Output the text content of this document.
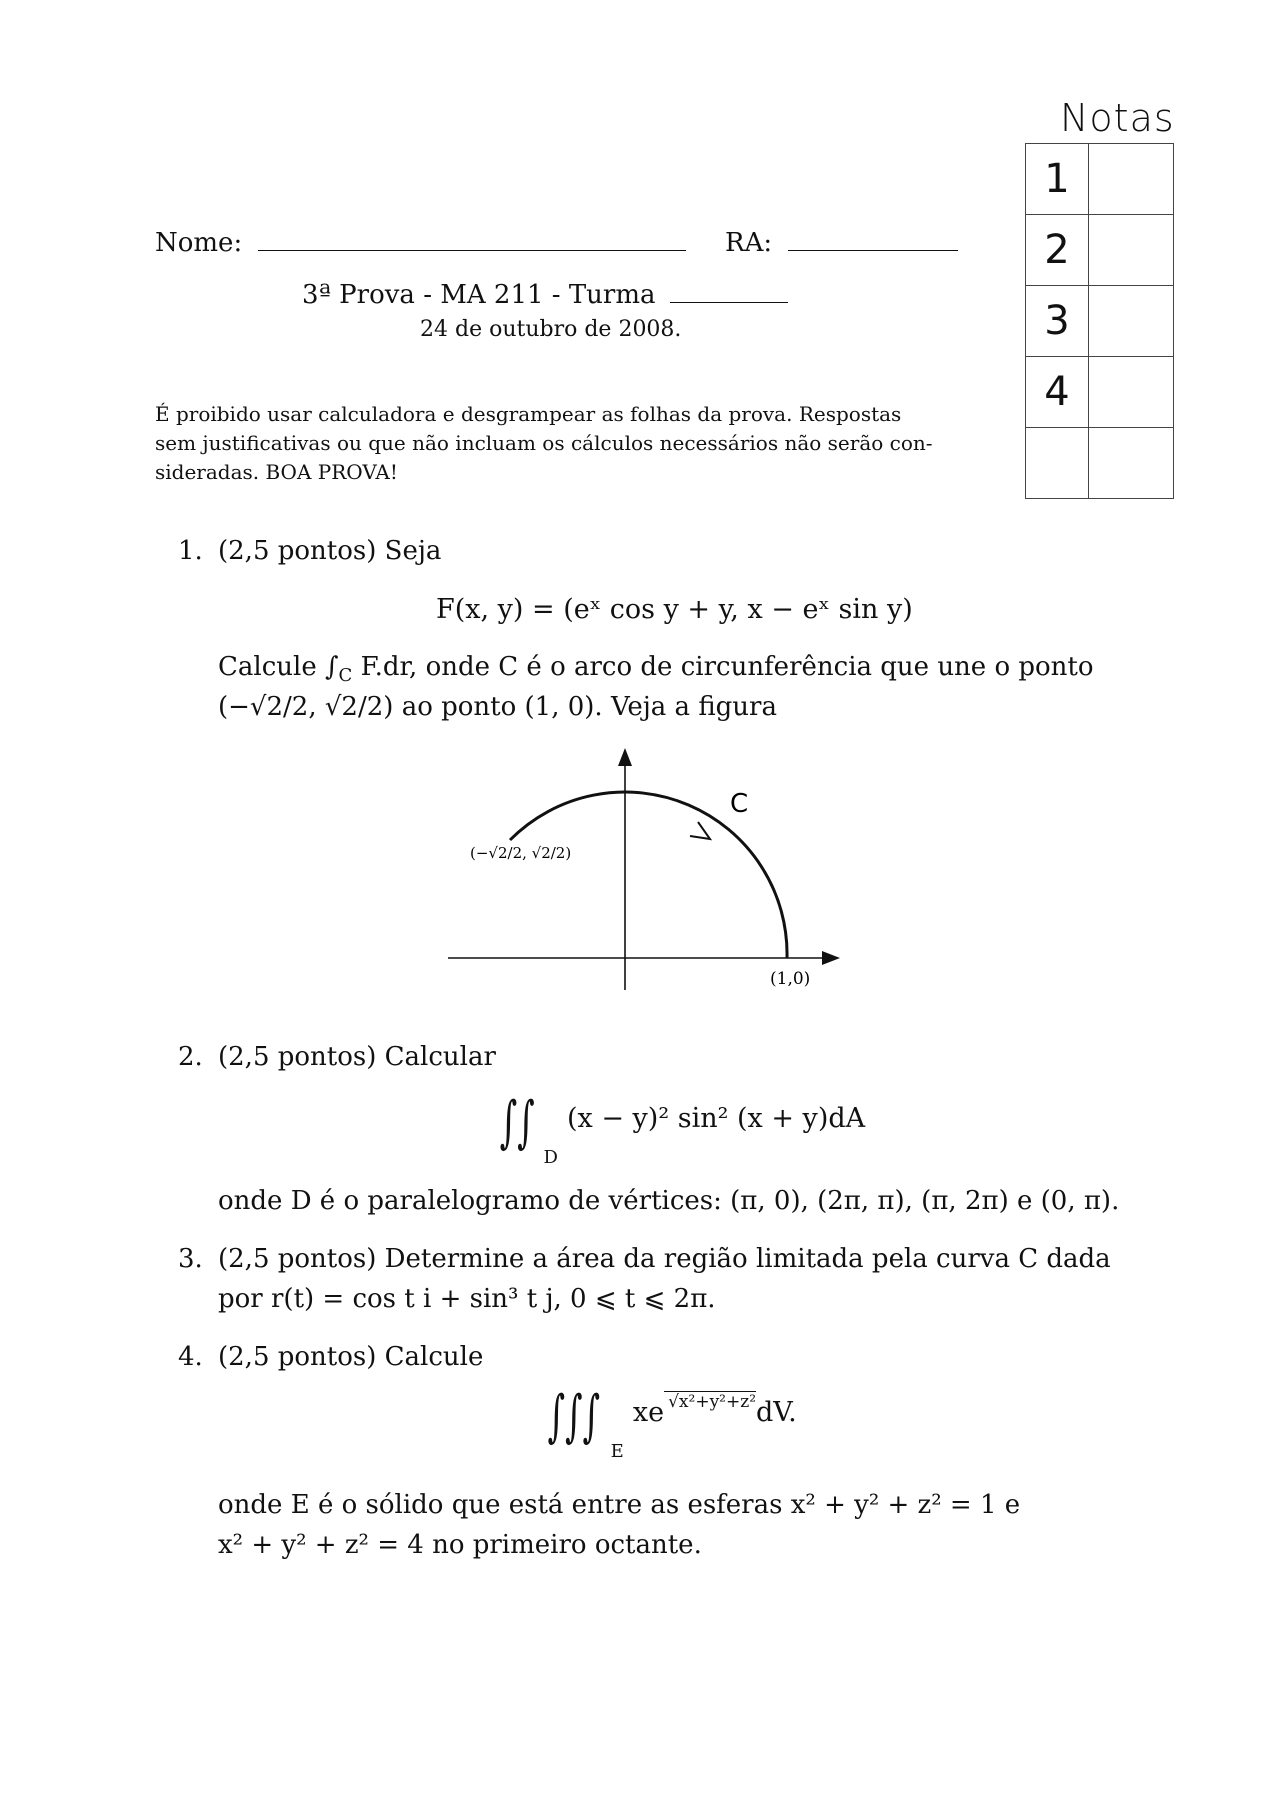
Notas
1	
2	
3	
4	

Nome:	RA:
3ª Prova - MA 211 - Turma
24 de outubro de 2008.
É proibido usar calculadora e desgrampear as folhas da prova. Respostas
sem justificativas ou que não incluam os cálculos necessários não serão con-
sideradas. BOA PROVA!
1. (2,5 pontos) Seja
F(x, y) = (eˣ cos y + y, x − eˣ sin y)
Calcule $\int_C$ F.dr, onde C é o arco de circunferência que une o ponto
(−√2/2, √2/2) ao ponto (1, 0). Veja a figura
C
(−√2/2, √2/2)
(1,0)
2. (2,5 pontos) Calcular
∫∫ D (x − y)² sin² (x + y)dA
onde D é o paralelogramo de vértices: (π, 0), (2π, π), (π, 2π) e (0, π).
3. (2,5 pontos) Determine a área da região limitada pela curva C dada
por r(t) = cos t i + sin³ t j, 0 ⩽ t ⩽ 2π.
4. (2,5 pontos) Calcule
∫∫∫ E xe √x²+y²+z²dV.
onde E é o sólido que está entre as esferas x² + y² + z² = 1 e
x² + y² + z² = 4 no primeiro octante.
